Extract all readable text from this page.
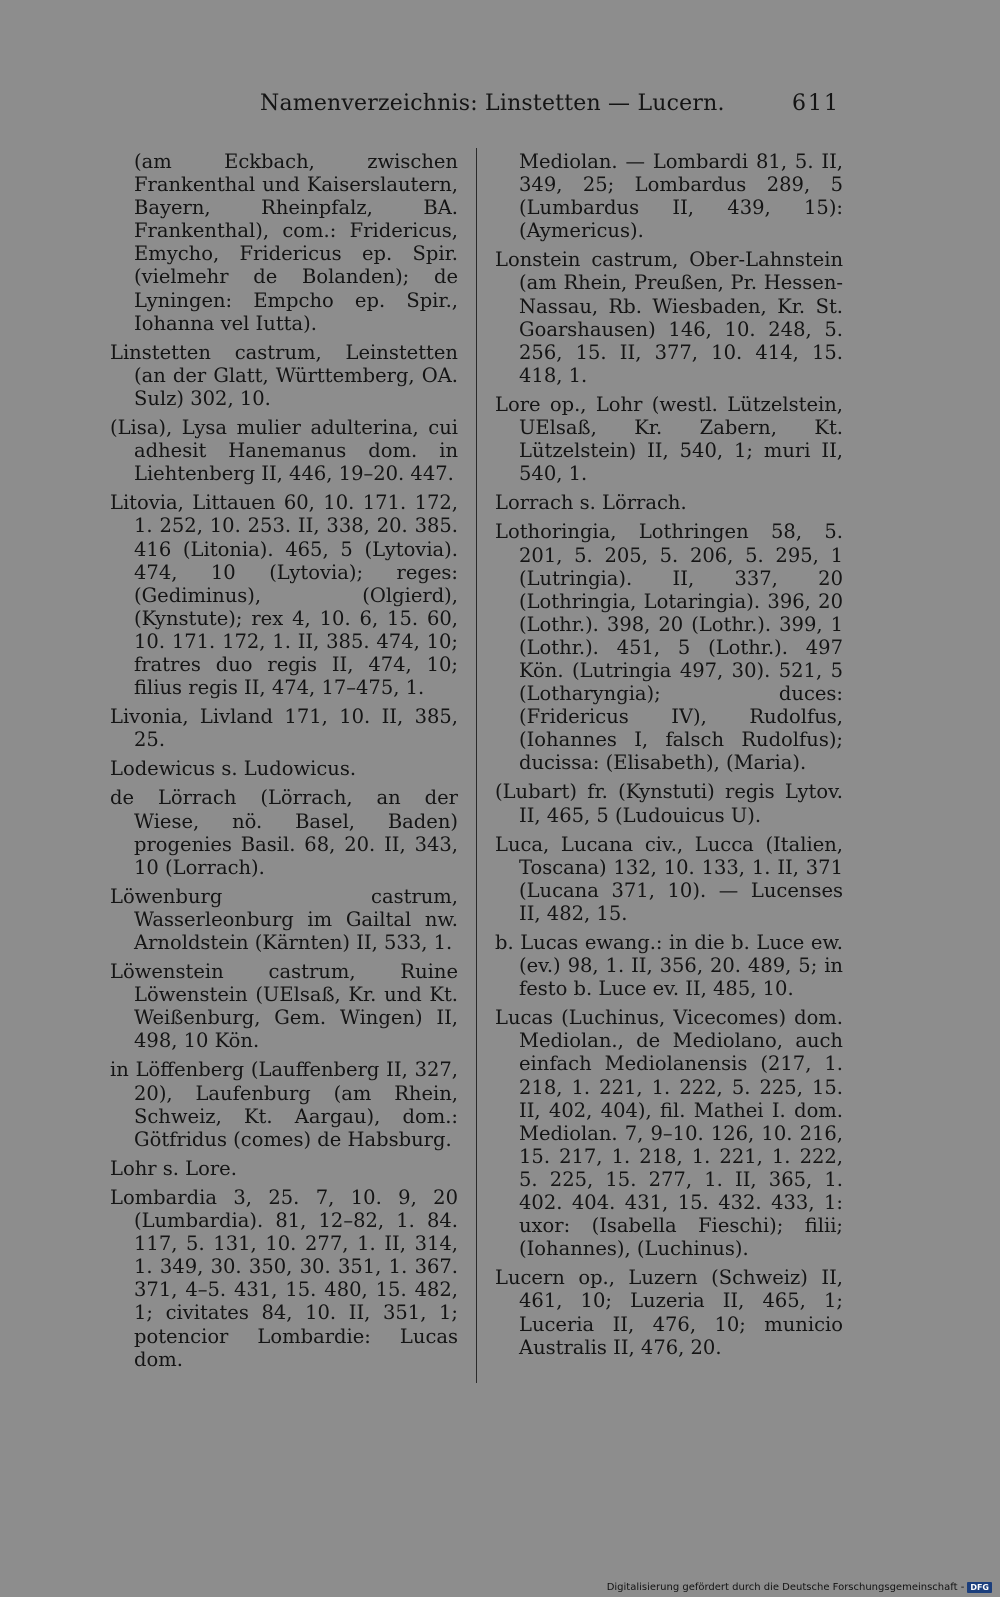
Namenverzeichnis: Linstetten — Lucern.	611

(am Eckbach, zwischen Frankenthal und Kaiserslautern, Bayern, Rheinpfalz, BA. Frankenthal), com.: Fridericus, Emycho, Fridericus ep. Spir. (vielmehr de Bolanden); de Lyningen: Empcho ep. Spir., Iohanna vel Iutta).

Linstetten castrum, Leinstetten (an der Glatt, Württemberg, OA. Sulz) 302, 10.

(Lisa), Lysa mulier adulterina, cui adhesit Hanemanus dom. in Liehtenberg II, 446, 19–20. 447.

Litovia, Littauen 60, 10. 171. 172, 1. 252, 10. 253. II, 338, 20. 385. 416 (Litonia). 465, 5 (Lytovia). 474, 10 (Lytovia); reges: (Gediminus), (Olgierd), (Kynstute); rex 4, 10. 6, 15. 60, 10. 171. 172, 1. II, 385. 474, 10; fratres duo regis II, 474, 10; filius regis II, 474, 17–475, 1.

Livonia, Livland 171, 10. II, 385, 25.

Lodewicus s. Ludowicus.

de Lörrach (Lörrach, an der Wiese, nö. Basel, Baden) progenies Basil. 68, 20. II, 343, 10 (Lorrach).

Löwenburg castrum, Wasserleonburg im Gailtal nw. Arnoldstein (Kärnten) II, 533, 1.

Löwenstein castrum, Ruine Löwenstein (UElsaß, Kr. und Kt. Weißenburg, Gem. Wingen) II, 498, 10 Kön.

in Löffenberg (Lauffenberg II, 327, 20), Laufenburg (am Rhein, Schweiz, Kt. Aargau), dom.: Götfridus (comes) de Habsburg.

Lohr s. Lore.

Lombardia 3, 25. 7, 10. 9, 20 (Lumbardia). 81, 12–82, 1. 84. 117, 5. 131, 10. 277, 1. II, 314, 1. 349, 30. 350, 30. 351, 1. 367. 371, 4–5. 431, 15. 480, 15. 482, 1; civitates 84, 10. II, 351, 1; potencior Lombardie: Lucas dom.

Mediolan. — Lombardi 81, 5. II, 349, 25; Lombardus 289, 5 (Lumbardus II, 439, 15): (Aymericus).

Lonstein castrum, Ober-Lahnstein (am Rhein, Preußen, Pr. Hessen-Nassau, Rb. Wiesbaden, Kr. St. Goarshausen) 146, 10. 248, 5. 256, 15. II, 377, 10. 414, 15. 418, 1.

Lore op., Lohr (westl. Lützelstein, UElsaß, Kr. Zabern, Kt. Lützelstein) II, 540, 1; muri II, 540, 1.

Lorrach s. Lörrach.

Lothoringia, Lothringen 58, 5. 201, 5. 205, 5. 206, 5. 295, 1 (Lutringia). II, 337, 20 (Lothringia, Lotaringia). 396, 20 (Lothr.). 398, 20 (Lothr.). 399, 1 (Lothr.). 451, 5 (Lothr.). 497 Kön. (Lutringia 497, 30). 521, 5 (Lotharyngia); duces: (Fridericus IV), Rudolfus, (Iohannes I, falsch Rudolfus); ducissa: (Elisabeth), (Maria).

(Lubart) fr. (Kynstuti) regis Lytov. II, 465, 5 (Ludouicus U).

Luca, Lucana civ., Lucca (Italien, Toscana) 132, 10. 133, 1. II, 371 (Lucana 371, 10). — Lucenses II, 482, 15.

b. Lucas ewang.: in die b. Luce ew. (ev.) 98, 1. II, 356, 20. 489, 5; in festo b. Luce ev. II, 485, 10.

Lucas (Luchinus, Vicecomes) dom. Mediolan., de Mediolano, auch einfach Mediolanensis (217, 1. 218, 1. 221, 1. 222, 5. 225, 15. II, 402, 404), fil. Mathei I. dom. Mediolan. 7, 9–10. 126, 10. 216, 15. 217, 1. 218, 1. 221, 1. 222, 5. 225, 15. 277, 1. II, 365, 1. 402. 404. 431, 15. 432. 433, 1: uxor: (Isabella Fieschi); filii; (Iohannes), (Luchinus).

Lucern op., Luzern (Schweiz) II, 461, 10; Luzeria II, 465, 1; Luceria II, 476, 10; municio Australis II, 476, 20.

Digitalisierung gefördert durch die Deutsche Forschungsgemeinschaft - DFG
